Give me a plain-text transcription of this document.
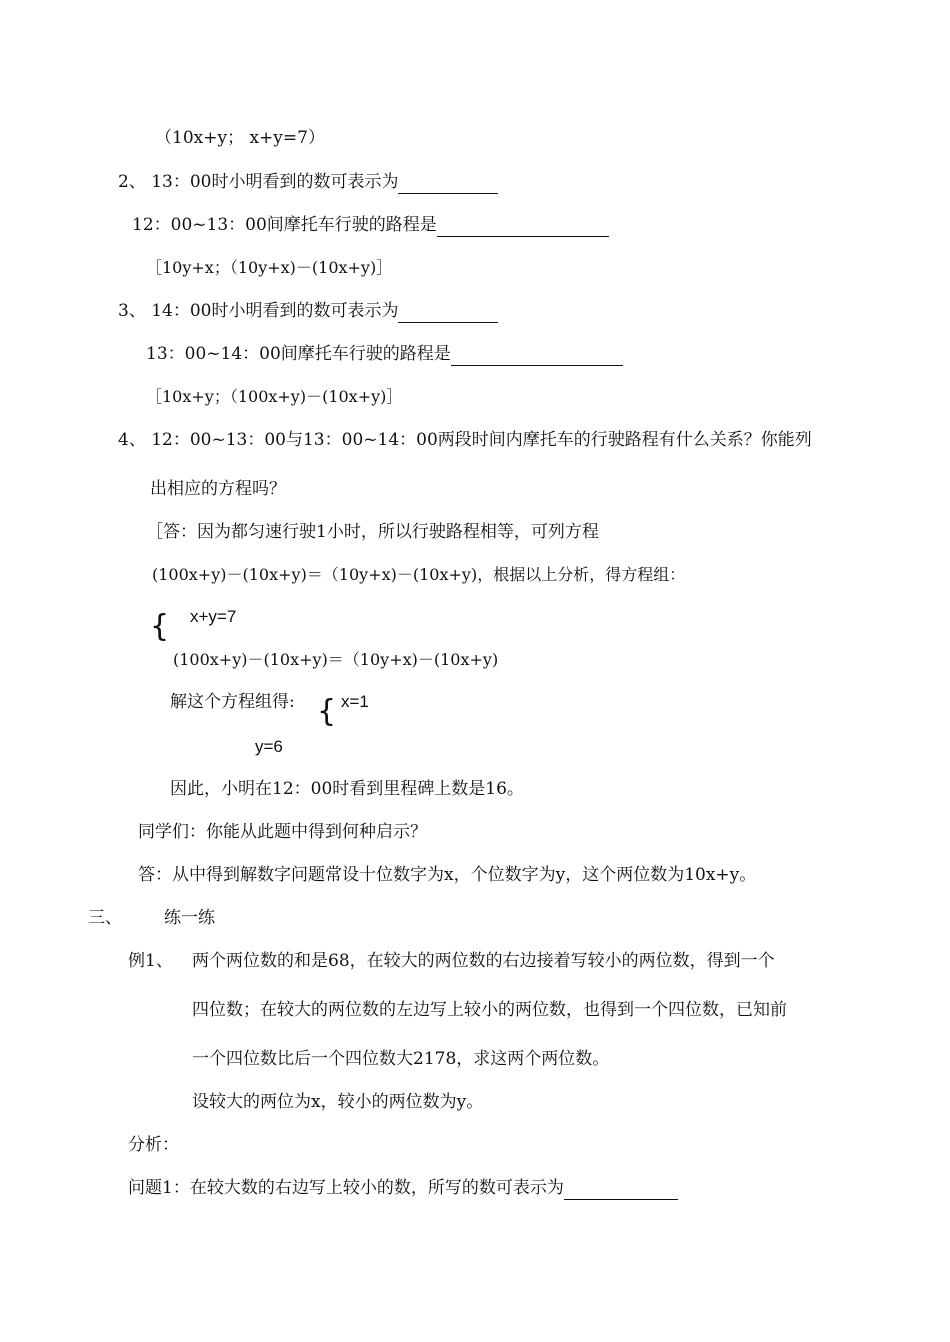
（10x+y； x+y=7）
2、 13：00时小明看到的数可表示为
12：00~13：00间摩托车行驶的路程是
［10y+x；（10y+x)－(10x+y)］
3、 14：00时小明看到的数可表示为
13：00~14：00间摩托车行驶的路程是
［10x+y；（100x+y)－(10x+y)］
4、 12：00~13：00与13：00~14：00两段时间内摩托车的行驶路程有什么关系？你能列
出相应的方程吗？
［答：因为都匀速行驶1小时，所以行驶路程相等，可列方程
(100x+y)－(10x+y)＝（10y+x)－(10x+y)，根据以上分析，得方程组：
{ x+y=7
(100x+y)－(10x+y)＝（10y+x)－(10x+y)
解这个方程组得: { x=1
y=6
因此，小明在12：00时看到里程碑上数是16。
同学们：你能从此题中得到何种启示？
答：从中得到解数字问题常设十位数字为x，个位数字为y，这个两位数为10x+y。
三、 练一练
例1、 两个两位数的和是68，在较大的两位数的右边接着写较小的两位数，得到一个
四位数；在较大的两位数的左边写上较小的两位数，也得到一个四位数，已知前
一个四位数比后一个四位数大2178，求这两个两位数。
设较大的两位为x，较小的两位数为y。
分析：
问题1：在较大数的右边写上较小的数，所写的数可表示为
